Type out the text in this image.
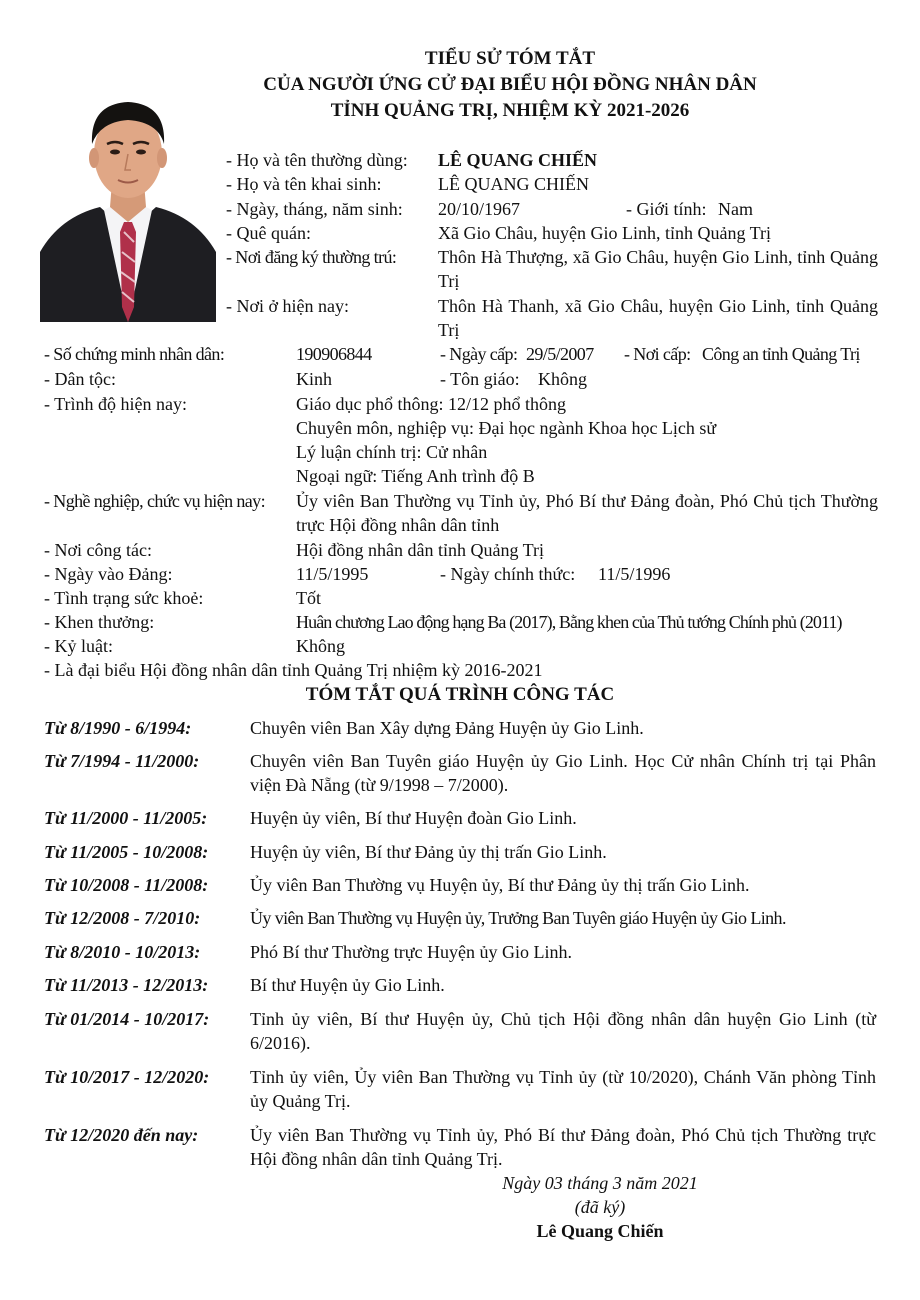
TIỂU SỬ TÓM TẮT
CỦA NGƯỜI ỨNG CỬ ĐẠI BIỂU HỘI ĐỒNG NHÂN DÂN
TỈNH QUẢNG TRỊ, NHIỆM KỲ 2021-2026
- Họ và tên thường dùng: LÊ QUANG CHIẾN
- Họ và tên khai sinh:	LÊ QUANG CHIẾN
- Ngày, tháng, năm sinh: 20/10/1967	- Giới tính: Nam
- Quê quán:	Xã Gio Châu, huyện Gio Linh, tỉnh Quảng Trị
- Nơi đăng ký thường trú: Thôn Hà Thượng, xã Gio Châu, huyện Gio Linh, tỉnh Quảng Trị
- Nơi ở hiện nay:	Thôn Hà Thanh, xã Gio Châu, huyện Gio Linh, tỉnh Quảng Trị
- Số chứng minh nhân dân:	190906844	- Ngày cấp: 29/5/2007 - Nơi cấp: Công an tỉnh Quảng Trị
- Dân tộc:	Kinh	- Tôn giáo: Không
- Trình độ hiện nay:	Giáo dục phổ thông: 12/12 phổ thông
Chuyên môn, nghiệp vụ: Đại học ngành Khoa học Lịch sử
Lý luận chính trị: Cử nhân
Ngoại ngữ: Tiếng Anh trình độ B
- Nghề nghiệp, chức vụ hiện nay: Ủy viên Ban Thường vụ Tỉnh ủy, Phó Bí thư Đảng đoàn, Phó Chủ tịch Thường trực Hội đồng nhân dân tỉnh
- Nơi công tác:	Hội đồng nhân dân tỉnh Quảng Trị
- Ngày vào Đảng:	11/5/1995	- Ngày chính thức: 11/5/1996
- Tình trạng sức khoẻ:	Tốt
- Khen thưởng:	Huân chương Lao động hạng Ba (2017), Bằng khen của Thủ tướng Chính phủ (2011)
- Kỷ luật:	Không
- Là đại biểu Hội đồng nhân dân tỉnh Quảng Trị nhiệm kỳ 2016-2021
TÓM TẮT QUÁ TRÌNH CÔNG TÁC
Từ 8/1990 - 6/1994:	Chuyên viên Ban Xây dựng Đảng Huyện ủy Gio Linh.
Từ 7/1994 - 11/2000:	Chuyên viên Ban Tuyên giáo Huyện ủy Gio Linh. Học Cử nhân Chính trị tại Phân viện Đà Nẵng (từ 9/1998 – 7/2000).
Từ 11/2000 - 11/2005: Huyện ủy viên, Bí thư Huyện đoàn Gio Linh.
Từ 11/2005 - 10/2008: Huyện ủy viên, Bí thư Đảng ủy thị trấn Gio Linh.
Từ 10/2008 - 11/2008: Ủy viên Ban Thường vụ Huyện ủy, Bí thư Đảng ủy thị trấn Gio Linh.
Từ 12/2008 - 7/2010:	Ủy viên Ban Thường vụ Huyện ủy, Trưởng Ban Tuyên giáo Huyện ủy Gio Linh.
Từ 8/2010 - 10/2013:	Phó Bí thư Thường trực Huyện ủy Gio Linh.
Từ 11/2013 - 12/2013: Bí thư Huyện ủy Gio Linh.
Từ 01/2014 - 10/2017: Tỉnh ủy viên, Bí thư Huyện ủy, Chủ tịch Hội đồng nhân dân huyện Gio Linh (từ 6/2016).
Từ 10/2017 - 12/2020: Tỉnh ủy viên, Ủy viên Ban Thường vụ Tỉnh ủy (từ 10/2020), Chánh Văn phòng Tỉnh ủy Quảng Trị.
Từ 12/2020 đến nay:	Ủy viên Ban Thường vụ Tỉnh ủy, Phó Bí thư Đảng đoàn, Phó Chủ tịch Thường trực Hội đồng nhân dân tỉnh Quảng Trị.
Ngày 03 tháng 3 năm 2021
(đã ký)
Lê Quang Chiến
